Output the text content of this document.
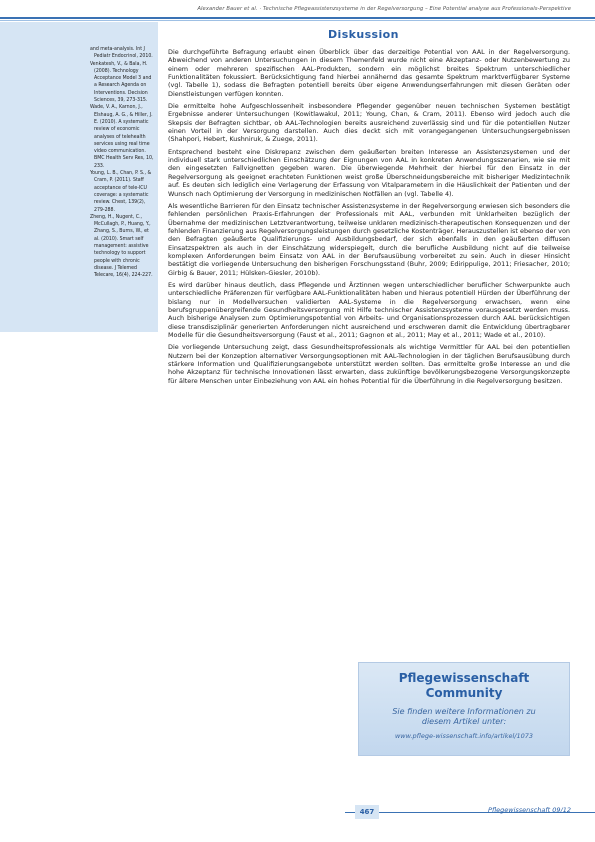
Alexander Bauer et al. · Technische Pflegeassistenzsysteme in der Regelversorgung – Eine Potential analyse aus Professionals-Perspektive

and meta-analysis. Int J Pediatr Endocrinol, 2010.

Venkatesh, V., & Bala, H. (2008). Technology Acceptance Model 3 and a Research Agenda on Interventions. Decision Sciences, 39, 273-315.

Wade, V. A., Karnon, J., Elshaug, A. G., & Hiller, J. E. (2010). A systematic review of economic analyses of telehealth services using real time video communication. BMC Health Serv Res, 10, 233.

Young, L. B., Chan, P. S., & Cram, P. (2011). Staff acceptance of tele-ICU coverage: a systematic review. Chest, 139(2), 279-288.

Zheng, H., Nugent, C., McCullagh, P., Huang, Y., Zhang, S., Burns, W., et al. (2010). Smart self management: assistive technology to support people with chronic disease. J Telemed Telecare, 16(4), 224-227.

Diskussion

Die durchgeführte Befragung erlaubt einen Überblick über das derzeitige Potential von AAL in der Regelversorgung. Abweichend von anderen Untersuchungen in diesem Themenfeld wurde nicht eine Akzeptanz- oder Nutzenbewertung zu einem oder mehreren spezifischen AAL-Produkten, sondern ein möglichst breites Spektrum unterschiedlicher Funktionalitäten fokussiert. Berücksichtigung fand hierbei annähernd das gesamte Spektrum marktverfügbarer Systeme (vgl. Tabelle 1), sodass die Befragten potentiell bereits über eigene Anwendungserfahrungen mit diesen Geräten oder Dienstleistungen verfügen konnten.

Die ermittelte hohe Aufgeschlossenheit insbesondere Pflegender gegenüber neuen technischen Systemen bestätigt Ergebnisse anderer Untersuchungen (Kowitlawakul, 2011; Young, Chan, & Cram, 2011). Ebenso wird jedoch auch die Skepsis der Befragten sichtbar, ob AAL-Technologien bereits ausreichend zuverlässig sind und für die potentiellen Nutzer einen Vorteil in der Versorgung darstellen. Auch dies deckt sich mit vorangegangenen Untersuchungsergebnissen (Shahpori, Hebert, Kushniruk, & Zuege, 2011).

Entsprechend besteht eine Diskrepanz zwischen dem geäußerten breiten Interesse an Assistenzsystemen und der individuell stark unterschiedlichen Einschätzung der Eignungen von AAL in konkreten Anwendungsszenarien, wie sie mit den eingesetzten Fallvignetten gegeben waren. Die überwiegende Mehrheit der hierbei für den Einsatz in der Regelversorgung als geeignet erachteten Funktionen weist große Überschneidungsbereiche mit bisheriger Medizintechnik auf. Es deuten sich lediglich eine Verlagerung der Erfassung von Vitalparametern in die Häuslichkeit der Patienten und der Wunsch nach Optimierung der Versorgung in medizinischen Notfällen an (vgl. Tabelle 4).

Als wesentliche Barrieren für den Einsatz technischer Assistenzsysteme in der Regelversorgung erwiesen sich besonders die fehlenden persönlichen Praxis-Erfahrungen der Professionals mit AAL, verbunden mit Unklarheiten bezüglich der Übernahme der medizinischen Letztverantwortung, teilweise unklaren medizinisch-therapeutischen Konsequenzen und der fehlenden Finanzierung aus Regelversorgungsleistungen durch gesetzliche Kostenträger. Herauszustellen ist ebenso der von den Befragten geäußerte Qualifizierungs- und Ausbildungsbedarf, der sich ebenfalls in den geäußerten diffusen Einsatzspektren als auch in der Einschätzung widerspiegelt, durch die berufliche Ausbildung nicht auf die teilweise komplexen Anforderungen beim Einsatz von AAL in der Berufsausübung vorbereitet zu sein. Auch in dieser Hinsicht bestätigt die vorliegende Untersuchung den bisherigen Forschungsstand (Buhr, 2009; Edirippulige, 2011; Friesacher, 2010; Girbig & Bauer, 2011; Hülsken-Giesler, 2010b).

Es wird darüber hinaus deutlich, dass Pflegende und Ärztinnen wegen unterschiedlicher beruflicher Schwerpunkte auch unterschiedliche Präferenzen für verfügbare AAL-Funktionalitäten haben und hieraus potentiell Hürden der Überführung der bislang nur in Modellversuchen validierten AAL-Systeme in die Regelversorgung erwachsen, wenn eine berufsgruppenübergreifende Gesundheitsversorgung mit Hilfe technischer Assistenzsysteme vorausgesetzt werden muss. Auch bisherige Analysen zum Optimierungspotential von Arbeits- und Organisationsprozessen durch AAL berücksichtigen diese transdisziplinär generierten Anforderungen nicht ausreichend und erschweren damit die Entwicklung übertragbarer Modelle für die Gesundheitsversorgung (Faust et al., 2011; Gagnon et al., 2011; May et al., 2011; Wade et al., 2010).

Die vorliegende Untersuchung zeigt, dass Gesundheitsprofessionals als wichtige Vermittler für AAL bei den potentiellen Nutzern bei der Konzeption alternativer Versorgungsoptionen mit AAL-Technologien in der täglichen Berufsausübung durch stärkere Information und Qualifizierungsangebote unterstützt werden sollten. Das ermittelte große Interesse an und die hohe Akzeptanz für technische Innovationen lässt erwarten, dass zukünftige bevölkerungsbezogene Versorgungskonzepte für ältere Menschen unter Einbeziehung von AAL ein hohes Potential für die Überführung in die Regelversorgung besitzen.

Pflegewissenschaft
Community
Sie finden weitere Informationen zu
diesem Artikel unter:
www.pflege-wissenschaft.info/artikel/1073
467	Pflegewissenschaft 09/12
